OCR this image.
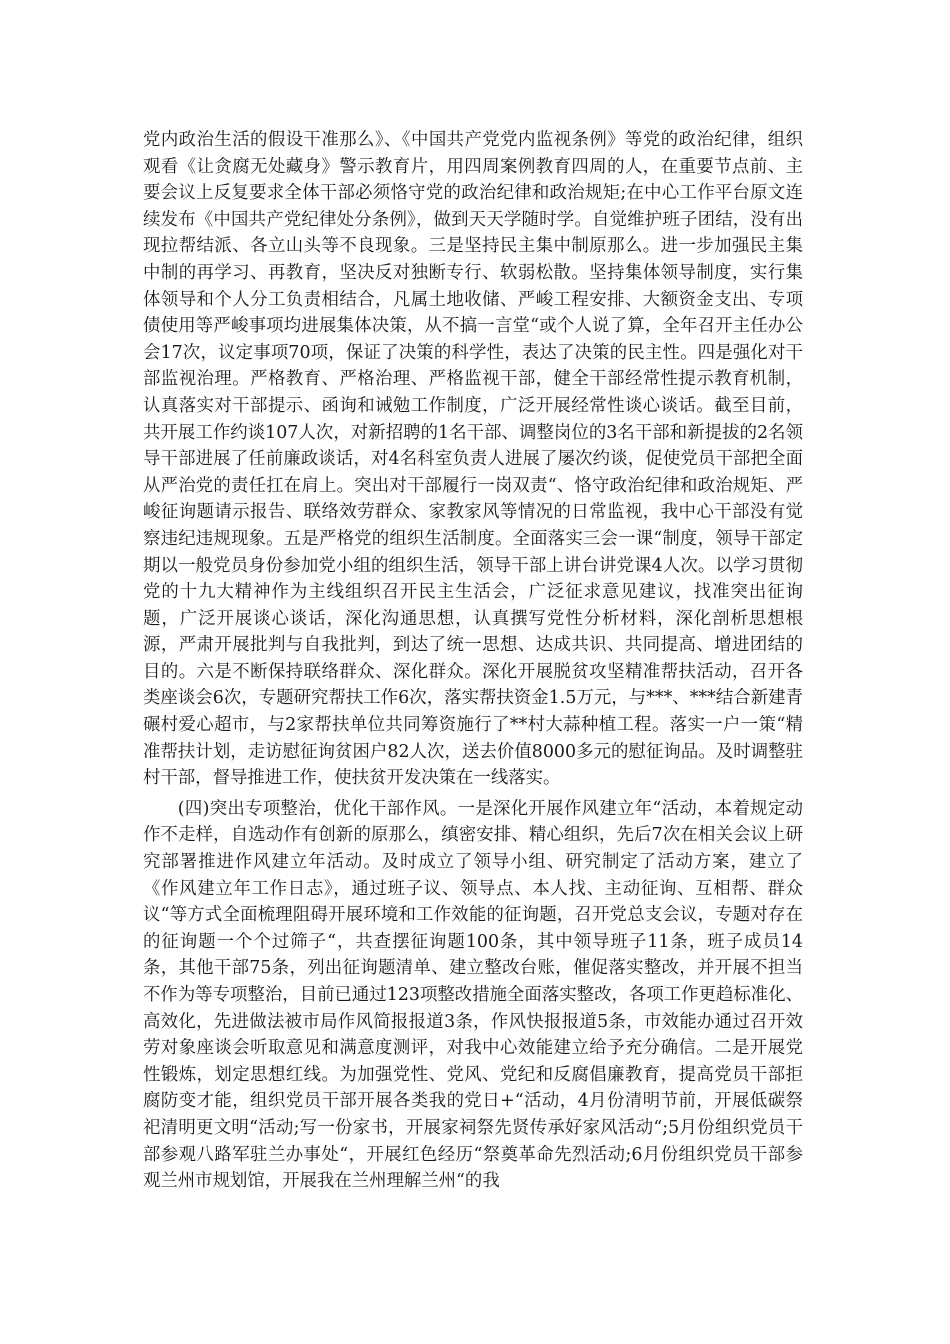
党内政治生活的假设干准那么》、《中国共产党党内监视条例》等党的政治纪律，组织观看《让贪腐无处藏身》警示教育片，用四周案例教育四周的人，在重要节点前、主要会议上反复要求全体干部必须恪守党的政治纪律和政治规矩;在中心工作平台原文连续发布《中国共产党纪律处分条例》，做到天天学随时学。自觉维护班子团结，没有出现拉帮结派、各立山头等不良现象。三是坚持民主集中制原那么。进一步加强民主集中制的再学习、再教育，坚决反对独断专行、软弱松散。坚持集体领导制度，实行集体领导和个人分工负责相结合，凡属土地收储、严峻工程安排、大额资金支出、专项债使用等严峻事项均进展集体决策，从不搞一言堂“或个人说了算，全年召开主任办公会17次，议定事项70项，保证了决策的科学性，表达了决策的民主性。四是强化对干部监视治理。严格教育、严格治理、严格监视干部，健全干部经常性提示教育机制，认真落实对干部提示、函询和诫勉工作制度，广泛开展经常性谈心谈话。截至目前，共开展工作约谈107人次，对新招聘的1名干部、调整岗位的3名干部和新提拔的2名领导干部进展了任前廉政谈话，对4名科室负责人进展了屡次约谈，促使党员干部把全面从严治党的责任扛在肩上。突出对干部履行一岗双责“、恪守政治纪律和政治规矩、严峻征询题请示报告、联络效劳群众、家教家风等情况的日常监视，我中心干部没有觉察违纪违规现象。五是严格党的组织生活制度。全面落实三会一课“制度，领导干部定期以一般党员身份参加党小组的组织生活，领导干部上讲台讲党课4人次。以学习贯彻党的十九大精神作为主线组织召开民主生活会，广泛征求意见建议，找准突出征询题，广泛开展谈心谈话，深化沟通思想，认真撰写党性分析材料，深化剖析思想根源，严肃开展批判与自我批判，到达了统一思想、达成共识、共同提高、增进团结的目的。六是不断保持联络群众、深化群众。深化开展脱贫攻坚精准帮扶活动，召开各类座谈会6次，专题研究帮扶工作6次，落实帮扶资金1.5万元，与***、***结合新建青碾村爱心超市，与2家帮扶单位共同筹资施行了**村大蒜种植工程。落实一户一策“精准帮扶计划，走访慰征询贫困户82人次，送去价值8000多元的慰征询品。及时调整驻村干部，督导推进工作，使扶贫开发决策在一线落实。

(四)突出专项整治，优化干部作风。一是深化开展作风建立年“活动，本着规定动作不走样，自选动作有创新的原那么，缜密安排、精心组织，先后7次在相关会议上研究部署推进作风建立年活动。及时成立了领导小组、研究制定了活动方案，建立了《作风建立年工作日志》，通过班子议、领导点、本人找、主动征询、互相帮、群众议“等方式全面梳理阻碍开展环境和工作效能的征询题，召开党总支会议，专题对存在的征询题一个个过筛子“，共查摆征询题100条，其中领导班子11条，班子成员14条，其他干部75条，列出征询题清单、建立整改台账，催促落实整改，并开展不担当不作为等专项整治，目前已通过123项整改措施全面落实整改，各项工作更趋标准化、高效化，先进做法被市局作风简报报道3条，作风快报报道5条，市效能办通过召开效劳对象座谈会听取意见和满意度测评，对我中心效能建立给予充分确信。二是开展党性锻炼，划定思想红线。为加强党性、党风、党纪和反腐倡廉教育，提高党员干部拒腐防变才能，组织党员干部开展各类我的党日+“活动，4月份清明节前，开展低碳祭祀清明更文明“活动;写一份家书，开展家祠祭先贤传承好家风活动“;5月份组织党员干部参观八路军驻兰办事处“，开展红色经历“祭奠革命先烈活动;6月份组织党员干部参观兰州市规划馆，开展我在兰州理解兰州“的我
